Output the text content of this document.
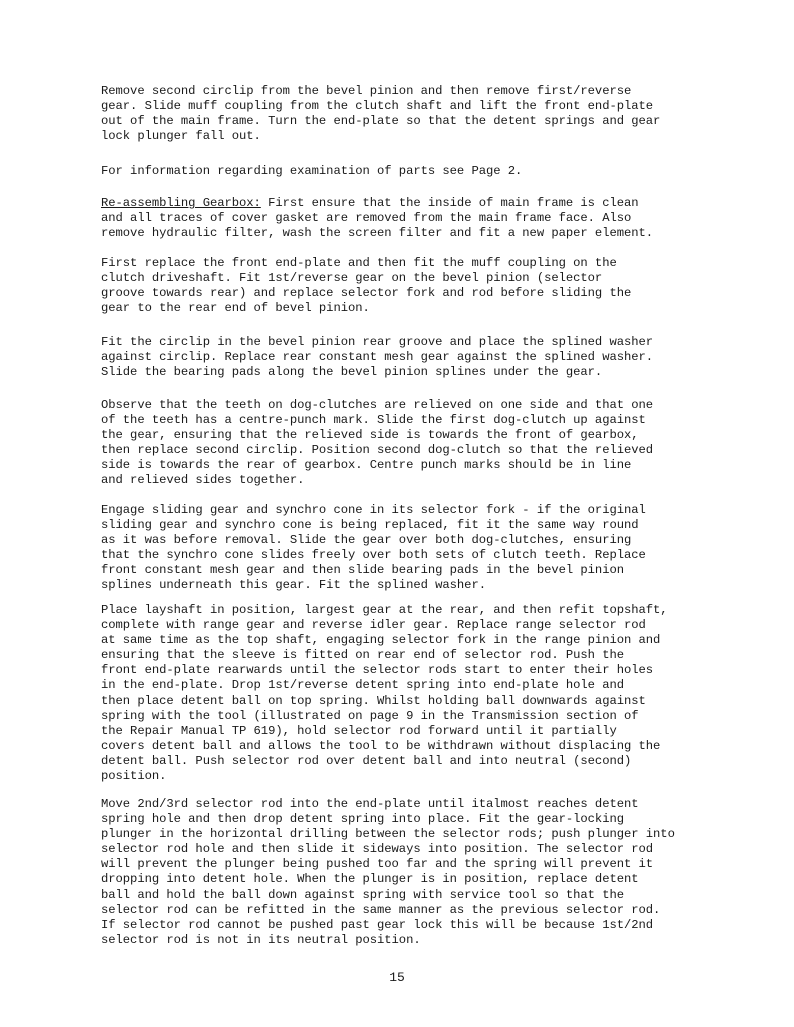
Remove second circlip from the bevel pinion and then remove first/reverse
gear. Slide muff coupling from the clutch shaft and lift the front end-plate
out of the main frame. Turn the end-plate so that the detent springs and gear
lock plunger fall out.

For information regarding examination of parts see Page 2.

Re-assembling Gearbox: First ensure that the inside of main frame is clean
and all traces of cover gasket are removed from the main frame face. Also
remove hydraulic filter, wash the screen filter and fit a new paper element.

First replace the front end-plate and then fit the muff coupling on the
clutch driveshaft. Fit 1st/reverse gear on the bevel pinion (selector
groove towards rear) and replace selector fork and rod before sliding the
gear to the rear end of bevel pinion.

Fit the circlip in the bevel pinion rear groove and place the splined washer
against circlip. Replace rear constant mesh gear against the splined washer.
Slide the bearing pads along the bevel pinion splines under the gear.

Observe that the teeth on dog-clutches are relieved on one side and that one
of the teeth has a centre-punch mark. Slide the first dog-clutch up against
the gear, ensuring that the relieved side is towards the front of gearbox,
then replace second circlip. Position second dog-clutch so that the relieved
side is towards the rear of gearbox. Centre punch marks should be in line
and relieved sides together.

Engage sliding gear and synchro cone in its selector fork - if the original
sliding gear and synchro cone is being replaced, fit it the same way round
as it was before removal. Slide the gear over both dog-clutches, ensuring
that the synchro cone slides freely over both sets of clutch teeth. Replace
front constant mesh gear and then slide bearing pads in the bevel pinion
splines underneath this gear. Fit the splined washer.

Place layshaft in position, largest gear at the rear, and then refit topshaft,
complete with range gear and reverse idler gear. Replace range selector rod
at same time as the top shaft, engaging selector fork in the range pinion and
ensuring that the sleeve is fitted on rear end of selector rod. Push the
front end-plate rearwards until the selector rods start to enter their holes
in the end-plate. Drop 1st/reverse detent spring into end-plate hole and
then place detent ball on top spring. Whilst holding ball downwards against
spring with the tool (illustrated on page 9 in the Transmission section of
the Repair Manual TP 619), hold selector rod forward until it partially
covers detent ball and allows the tool to be withdrawn without displacing the
detent ball. Push selector rod over detent ball and into neutral (second)
position.

Move 2nd/3rd selector rod into the end-plate until italmost reaches detent
spring hole and then drop detent spring into place. Fit the gear-locking
plunger in the horizontal drilling between the selector rods; push plunger into
selector rod hole and then slide it sideways into position. The selector rod
will prevent the plunger being pushed too far and the spring will prevent it
dropping into detent hole. When the plunger is in position, replace detent
ball and hold the ball down against spring with service tool so that the
selector rod can be refitted in the same manner as the previous selector rod.
If selector rod cannot be pushed past gear lock this will be because 1st/2nd
selector rod is not in its neutral position.

15
